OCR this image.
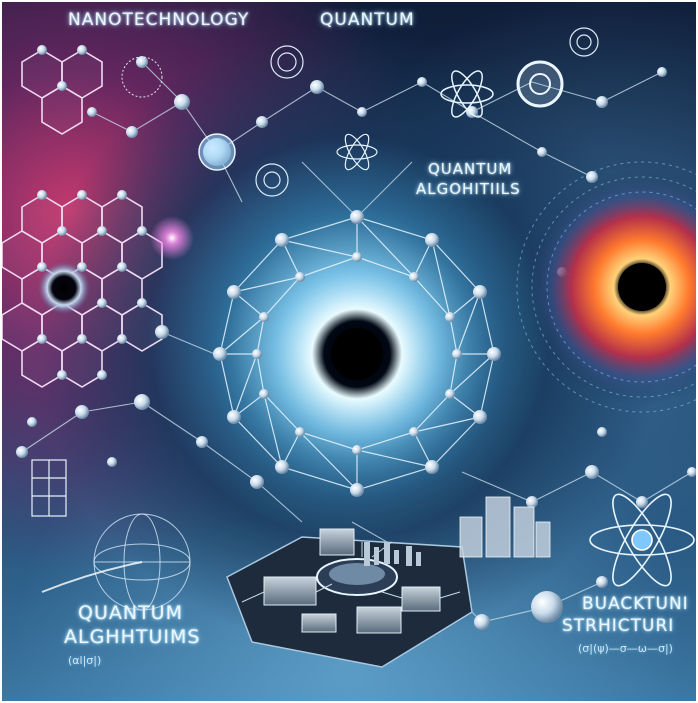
NANOTECHNOLOGY	QUANTUM
QUANTUM
ALGOHITIILS
QUANTUM
ALGHHTUIMS
(αl|σ|)
BUACKTUNI
STRHICTURI
(σ|(ψ)—σ—ω—σ|)
